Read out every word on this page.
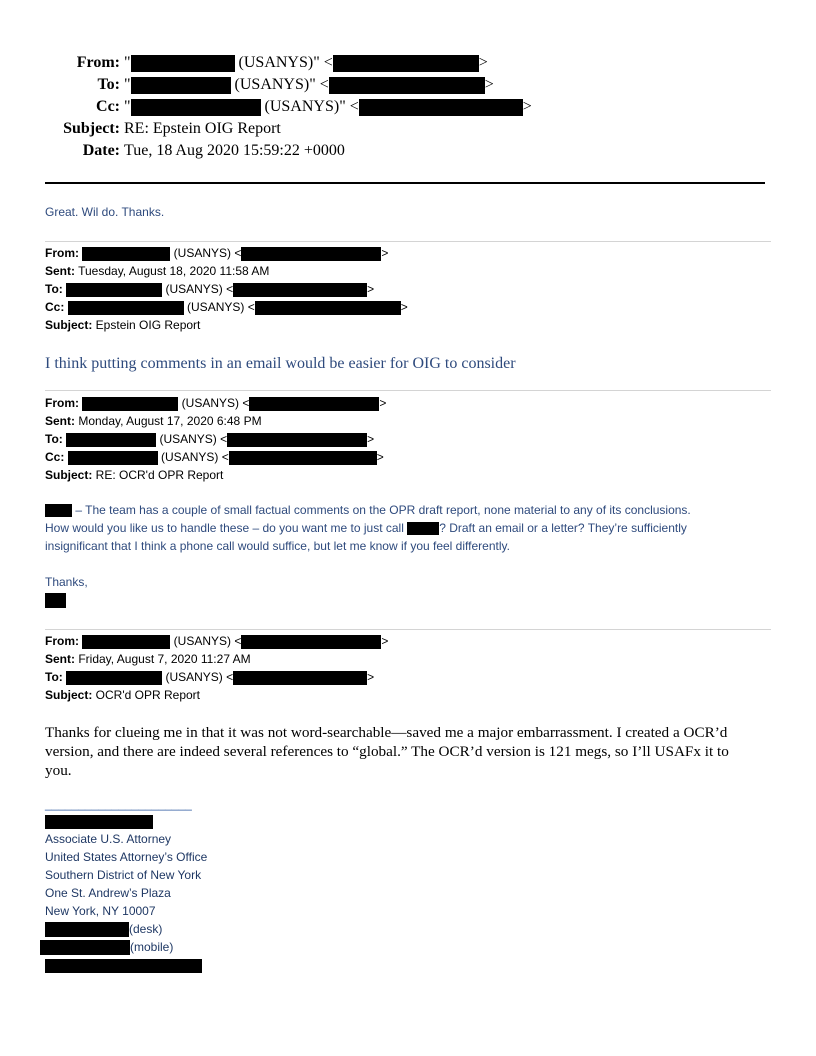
From: "	(USANYS)" <	>
To: "	(USANYS)" <	>
Cc: "	(USANYS)" <	>
Subject: RE: Epstein OIG Report
Date: Tue, 18 Aug 2020 15:59:22 +0000
Great. Wil do. Thanks.
From:	(USANYS) <	>
Sent: Tuesday, August 18, 2020 11:58 AM
To:	(USANYS) <	>
Cc:	(USANYS) <	>
Subject: Epstein OIG Report
I think putting comments in an email would be easier for OIG to consider
From:	(USANYS) <	>
Sent: Monday, August 17, 2020 6:48 PM
To:	(USANYS) <	>
Cc:	(USANYS) <	>
Subject: RE: OCR'd OPR Report
– The team has a couple of small factual comments on the OPR draft report, none material to any of its conclusions.
How would you like us to handle these – do you want me to just call	? Draft an email or a letter? They’re sufficiently
insignificant that I think a phone call would suffice, but let me know if you feel differently.
Thanks,
From:	(USANYS) <	>
Sent: Friday, August 7, 2020 11:27 AM
To:	(USANYS) <	>
Subject: OCR'd OPR Report
Thanks for clueing me in that it was not word-searchable—saved me a major embarrassment. I created a OCR’d
version, and there are indeed several references to “global.” The OCR’d version is 121 megs, so I’ll USAFx it to
you.
______________________
Associate U.S. Attorney
United States Attorney’s Office
Southern District of New York
One St. Andrew’s Plaza
New York, NY 10007
(desk)
(mobile)
